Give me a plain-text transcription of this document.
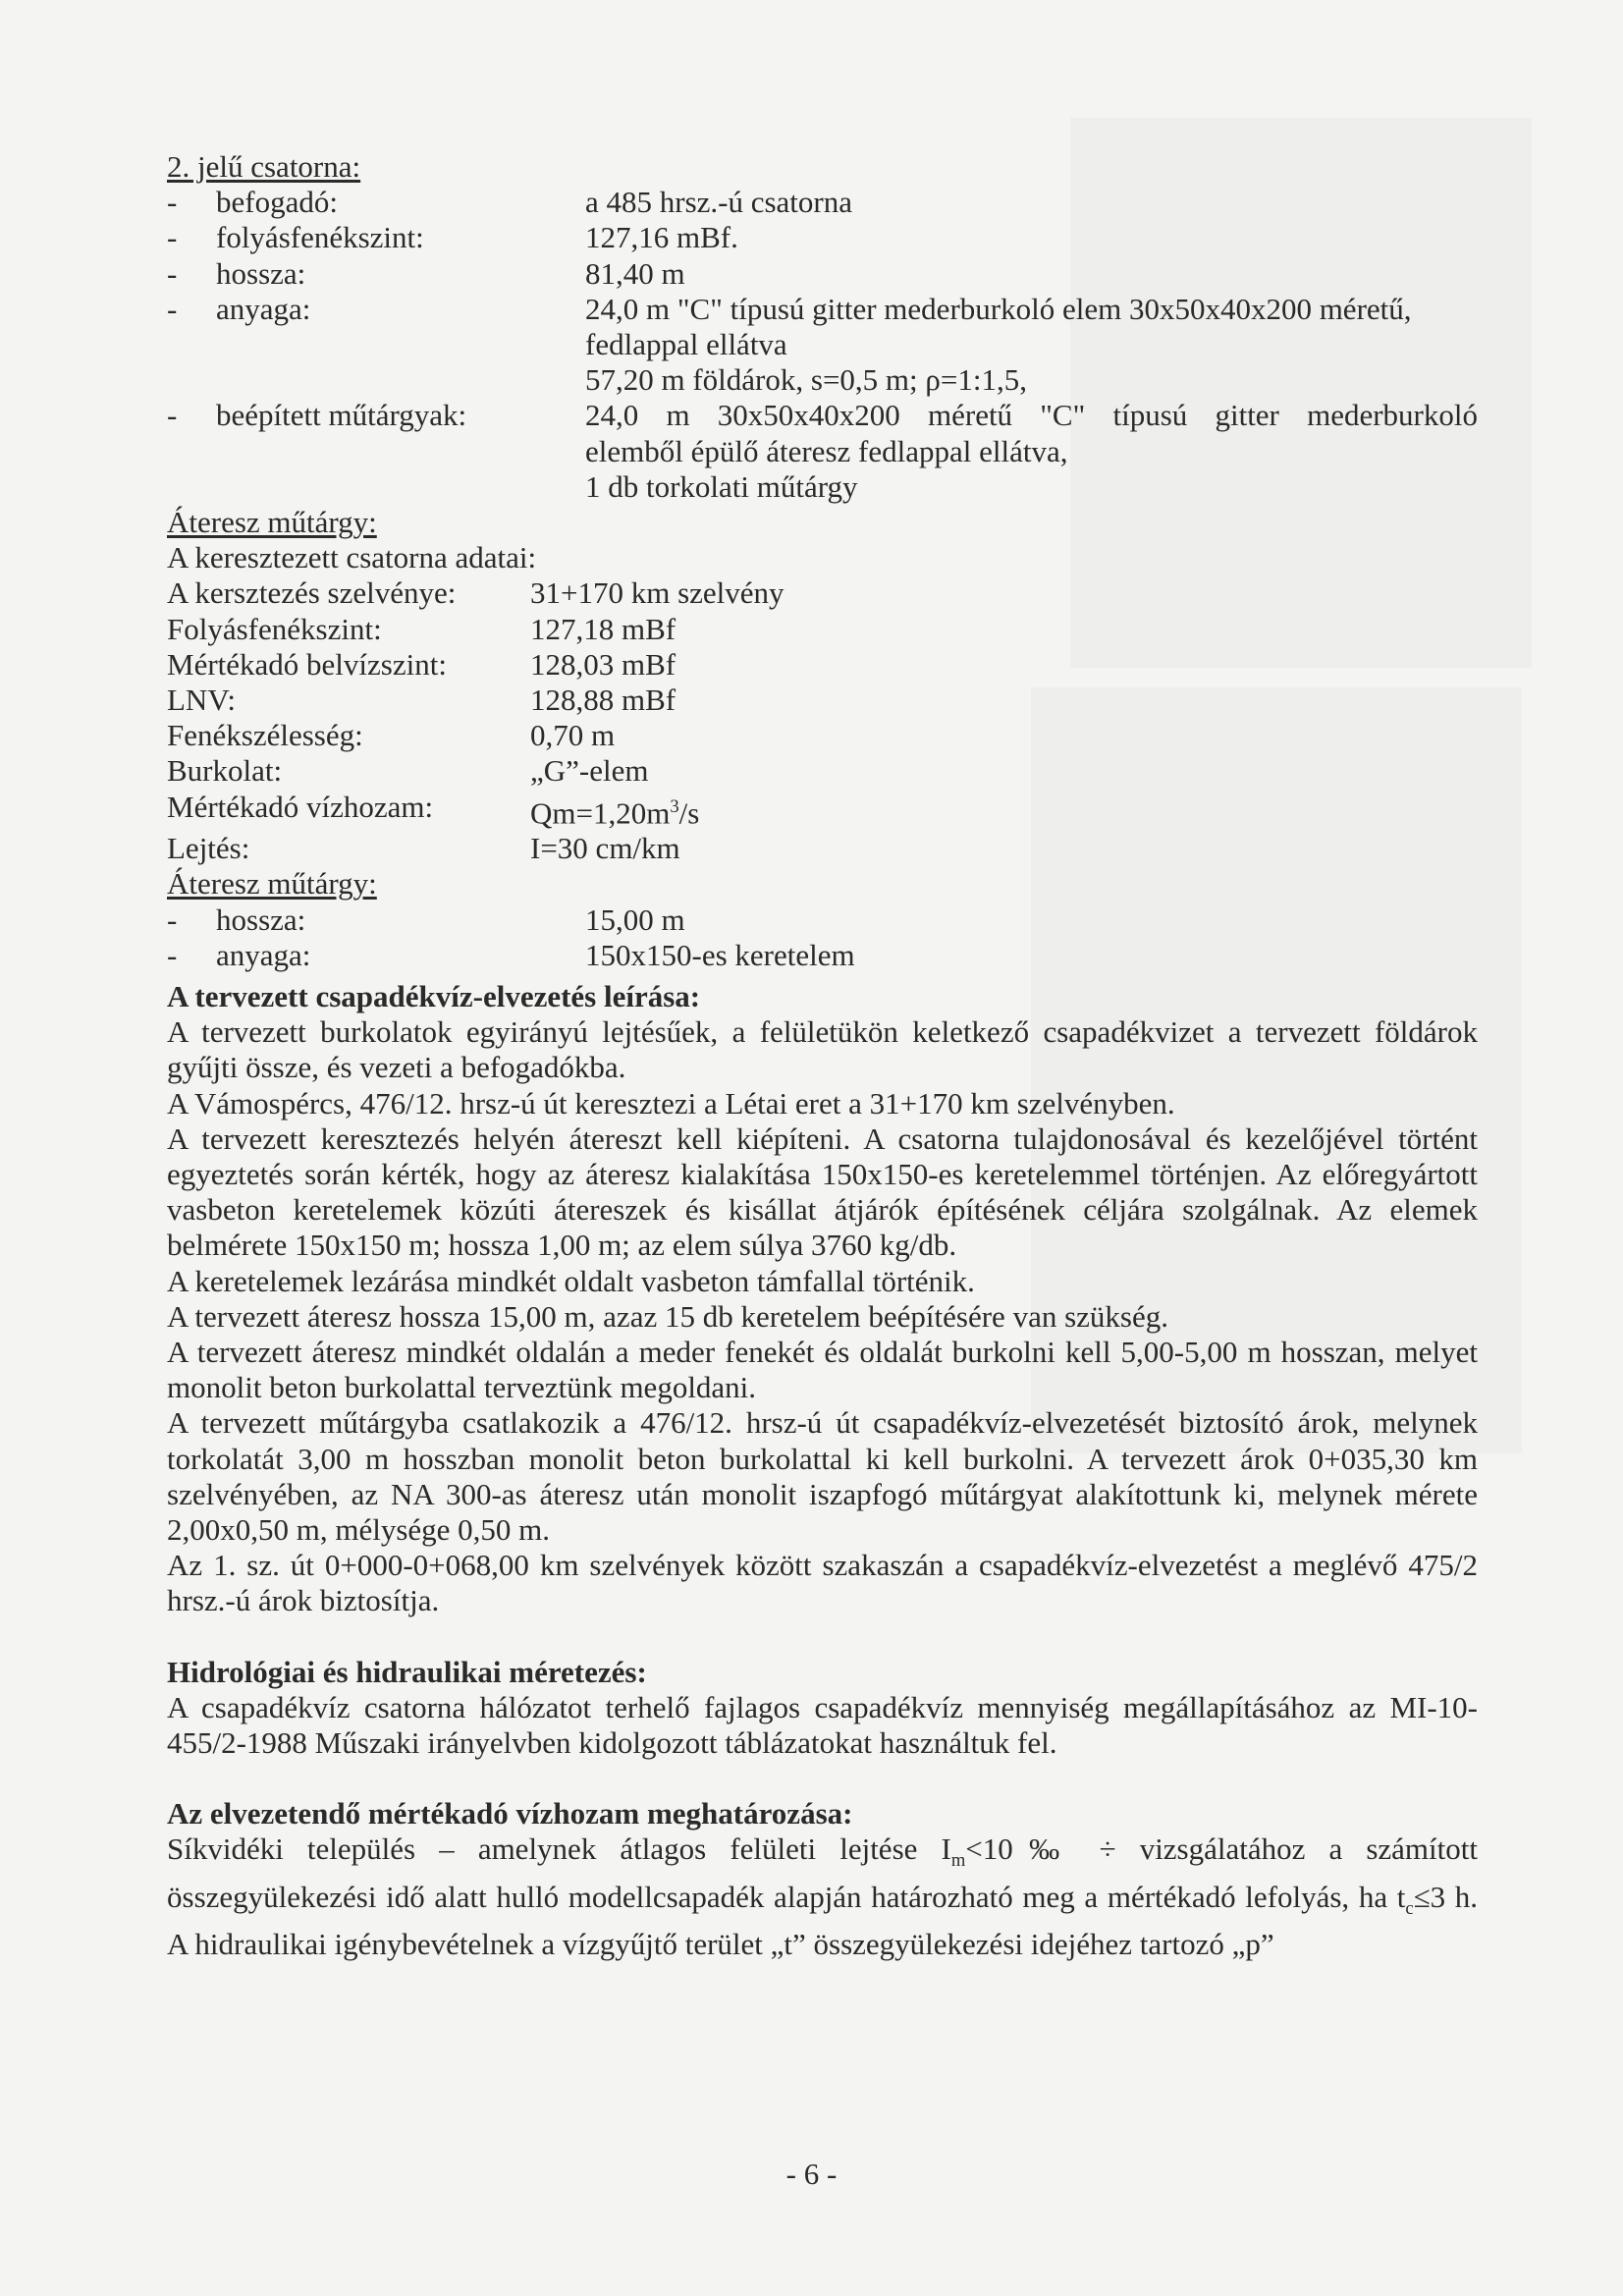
2. jelű csatorna:
-	befogadó:	a 485 hrsz.-ú csatorna
-	folyásfenékszint:	127,16 mBf.
-	hossza:	81,40 m
-	anyaga:	24,0 m "C" típusú gitter mederburkoló elem 30x50x40x200 méretű,
fedlappal ellátva
57,20 m földárok, s=0,5 m; ρ=1:1,5,
-	beépített műtárgyak:	24,0 m 30x50x40x200 méretű "C" típusú gitter mederburkoló
elemből épülő áteresz fedlappal ellátva,
1 db torkolati műtárgy
Áteresz műtárgy:
A keresztezett csatorna adatai:
A kersztezés szelvénye:	31+170 km szelvény
Folyásfenékszint:	127,18 mBf
Mértékadó belvízszint:	128,03 mBf
LNV:	128,88 mBf
Fenékszélesség:	0,70 m
Burkolat:	„G”-elem
Mértékadó vízhozam:	$Qm=1,20m^3/s$
Lejtés:	I=30 cm/km
Áteresz műtárgy:
-	hossza:	15,00 m
-	anyaga:	150x150-es keretelem
A tervezett csapadékvíz-elvezetés leírása:
A tervezett burkolatok egyirányú lejtésűek, a felületükön keletkező csapadékvizet a tervezett földárok gyűjti össze, és vezeti a befogadókba.
A Vámospércs, 476/12. hrsz-ú út keresztezi a Létai eret a 31+170 km szelvényben.
A tervezett keresztezés helyén átereszt kell kiépíteni. A csatorna tulajdonosával és kezelőjével történt egyeztetés során kérték, hogy az áteresz kialakítása 150x150-es keretelemmel történjen. Az előregyártott vasbeton keretelemek közúti átereszek és kisállat átjárók építésének céljára szolgálnak. Az elemek belmérete 150x150 m; hossza 1,00 m; az elem súlya 3760 kg/db.
A keretelemek lezárása mindkét oldalt vasbeton támfallal történik.
A tervezett áteresz hossza 15,00 m, azaz 15 db keretelem beépítésére van szükség.
A tervezett áteresz mindkét oldalán a meder fenekét és oldalát burkolni kell 5,00-5,00 m hosszan, melyet monolit beton burkolattal terveztünk megoldani.
A tervezett műtárgyba csatlakozik a 476/12. hrsz-ú út csapadékvíz-elvezetését biztosító árok, melynek torkolatát 3,00 m hosszban monolit beton burkolattal ki kell burkolni. A tervezett árok 0+035,30 km szelvényében, az NA 300-as áteresz után monolit iszapfogó műtárgyat alakítottunk ki, melynek mérete 2,00x0,50 m, mélysége 0,50 m.
Az 1. sz. út 0+000-0+068,00 km szelvények között szakaszán a csapadékvíz-elvezetést a meglévő 475/2 hrsz.-ú árok biztosítja.
Hidrológiai és hidraulikai méretezés:
A csapadékvíz csatorna hálózatot terhelő fajlagos csapadékvíz mennyiség megállapításához az MI-10-455/2-1988 Műszaki irányelvben kidolgozott táblázatokat használtuk fel.
Az elvezetendő mértékadó vízhozam meghatározása:
Síkvidéki település – amelynek átlagos felületi lejtése $I_m<10‰$ ÷ vizsgálatához a számított összegyülekezési idő alatt hulló modellcsapadék alapján határozható meg a mértékadó lefolyás, ha $t_c\le 3$ h. A hidraulikai igénybevételnek a vízgyűjtő terület „t” összegyülekezési idejéhez tartozó „p”
- 6 -
